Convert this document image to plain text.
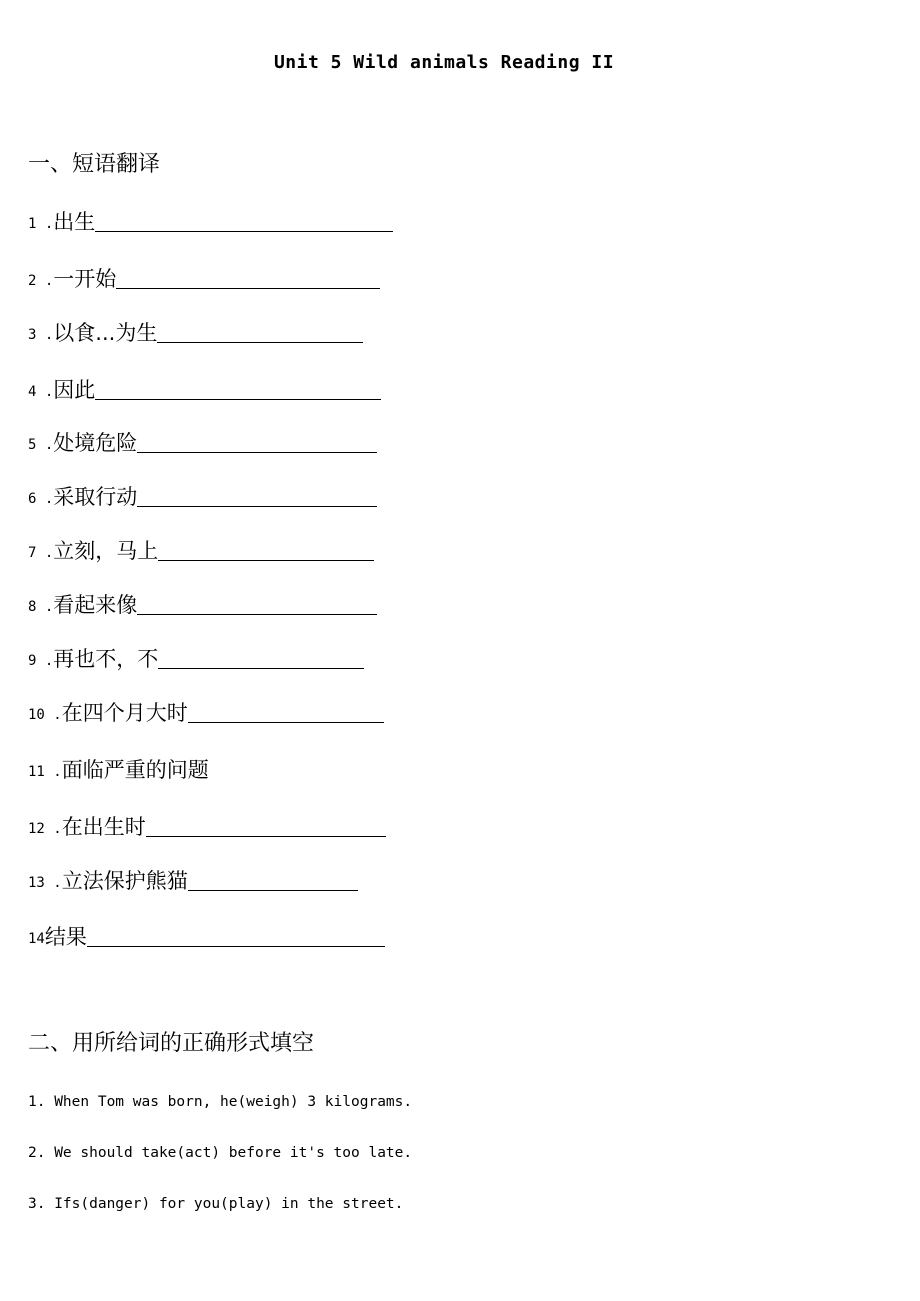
Unit 5 Wild animals Reading II
一、短语翻译
1 . 出生
2 . 一开始
3 . 以食...为生
4 . 因此
5 . 处境危险
6 . 采取行动
7 . 立刻，马上
8 . 看起来像
9 . 再也不，不
10 . 在四个月大时
11 . 面临严重的问题
12 . 在出生时
13 . 立法保护熊猫
14 结果
二、用所给词的正确形式填空
1. When Tom was born, he(weigh) 3 kilograms.
2. We should take(act) before it's too late.
3. Ifs(danger) for you(play) in the street.
